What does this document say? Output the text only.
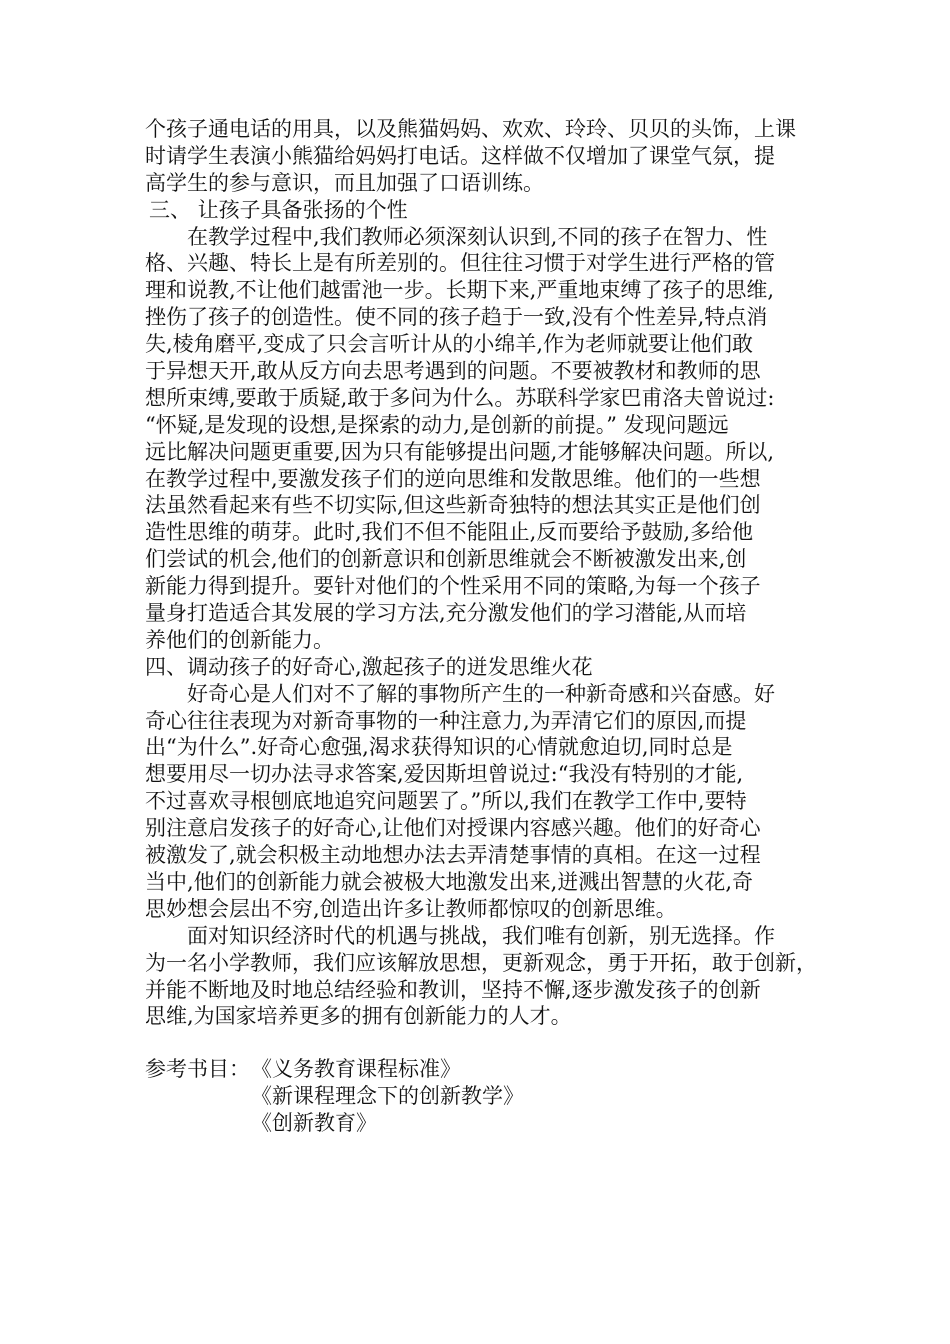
个孩子通电话的用具，以及熊猫妈妈、欢欢、玲玲、贝贝的头饰，上课
时请学生表演小熊猫给妈妈打电话。这样做不仅增加了课堂气氛，提
高学生的参与意识，而且加强了口语训练。
三、 让孩子具备张扬的个性
在教学过程中,我们教师必须深刻认识到,不同的孩子在智力、性
格、兴趣、特长上是有所差别的。但往往习惯于对学生进行严格的管
理和说教,不让他们越雷池一步。长期下来,严重地束缚了孩子的思维,
挫伤了孩子的创造性。使不同的孩子趋于一致,没有个性差异,特点消
失,棱角磨平,变成了只会言听计从的小绵羊,作为老师就要让他们敢
于异想天开,敢从反方向去思考遇到的问题。不要被教材和教师的思
想所束缚,要敢于质疑,敢于多问为什么。苏联科学家巴甫洛夫曾说过:
“怀疑,是发现的设想,是探索的动力,是创新的前提。” 发现问题远
远比解决问题更重要,因为只有能够提出问题,才能够解决问题。所以,
在教学过程中,要激发孩子们的逆向思维和发散思维。他们的一些想
法虽然看起来有些不切实际,但这些新奇独特的想法其实正是他们创
造性思维的萌芽。此时,我们不但不能阻止,反而要给予鼓励,多给他
们尝试的机会,他们的创新意识和创新思维就会不断被激发出来,创
新能力得到提升。要针对他们的个性采用不同的策略,为每一个孩子
量身打造适合其发展的学习方法,充分激发他们的学习潜能,从而培
养他们的创新能力。
四、调动孩子的好奇心,激起孩子的迸发思维火花
好奇心是人们对不了解的事物所产生的一种新奇感和兴奋感。好
奇心往往表现为对新奇事物的一种注意力,为弄清它们的原因,而提
出“为什么”.好奇心愈强,渴求获得知识的心情就愈迫切,同时总是
想要用尽一切办法寻求答案,爱因斯坦曾说过:“我没有特别的才能,
不过喜欢寻根刨底地追究问题罢了。”所以,我们在教学工作中,要特
别注意启发孩子的好奇心,让他们对授课内容感兴趣。他们的好奇心
被激发了,就会积极主动地想办法去弄清楚事情的真相。在这一过程
当中,他们的创新能力就会被极大地激发出来,迸溅出智慧的火花,奇
思妙想会层出不穷,创造出许多让教师都惊叹的创新思维。
面对知识经济时代的机遇与挑战，我们唯有创新，别无选择。作
为一名小学教师，我们应该解放思想，更新观念，勇于开拓，敢于创新，
并能不断地及时地总结经验和教训，坚持不懈,逐步激发孩子的创新
思维,为国家培养更多的拥有创新能力的人才。
参考书目： 《义务教育课程标准》
《新课程理念下的创新教学》
《创新教育》
